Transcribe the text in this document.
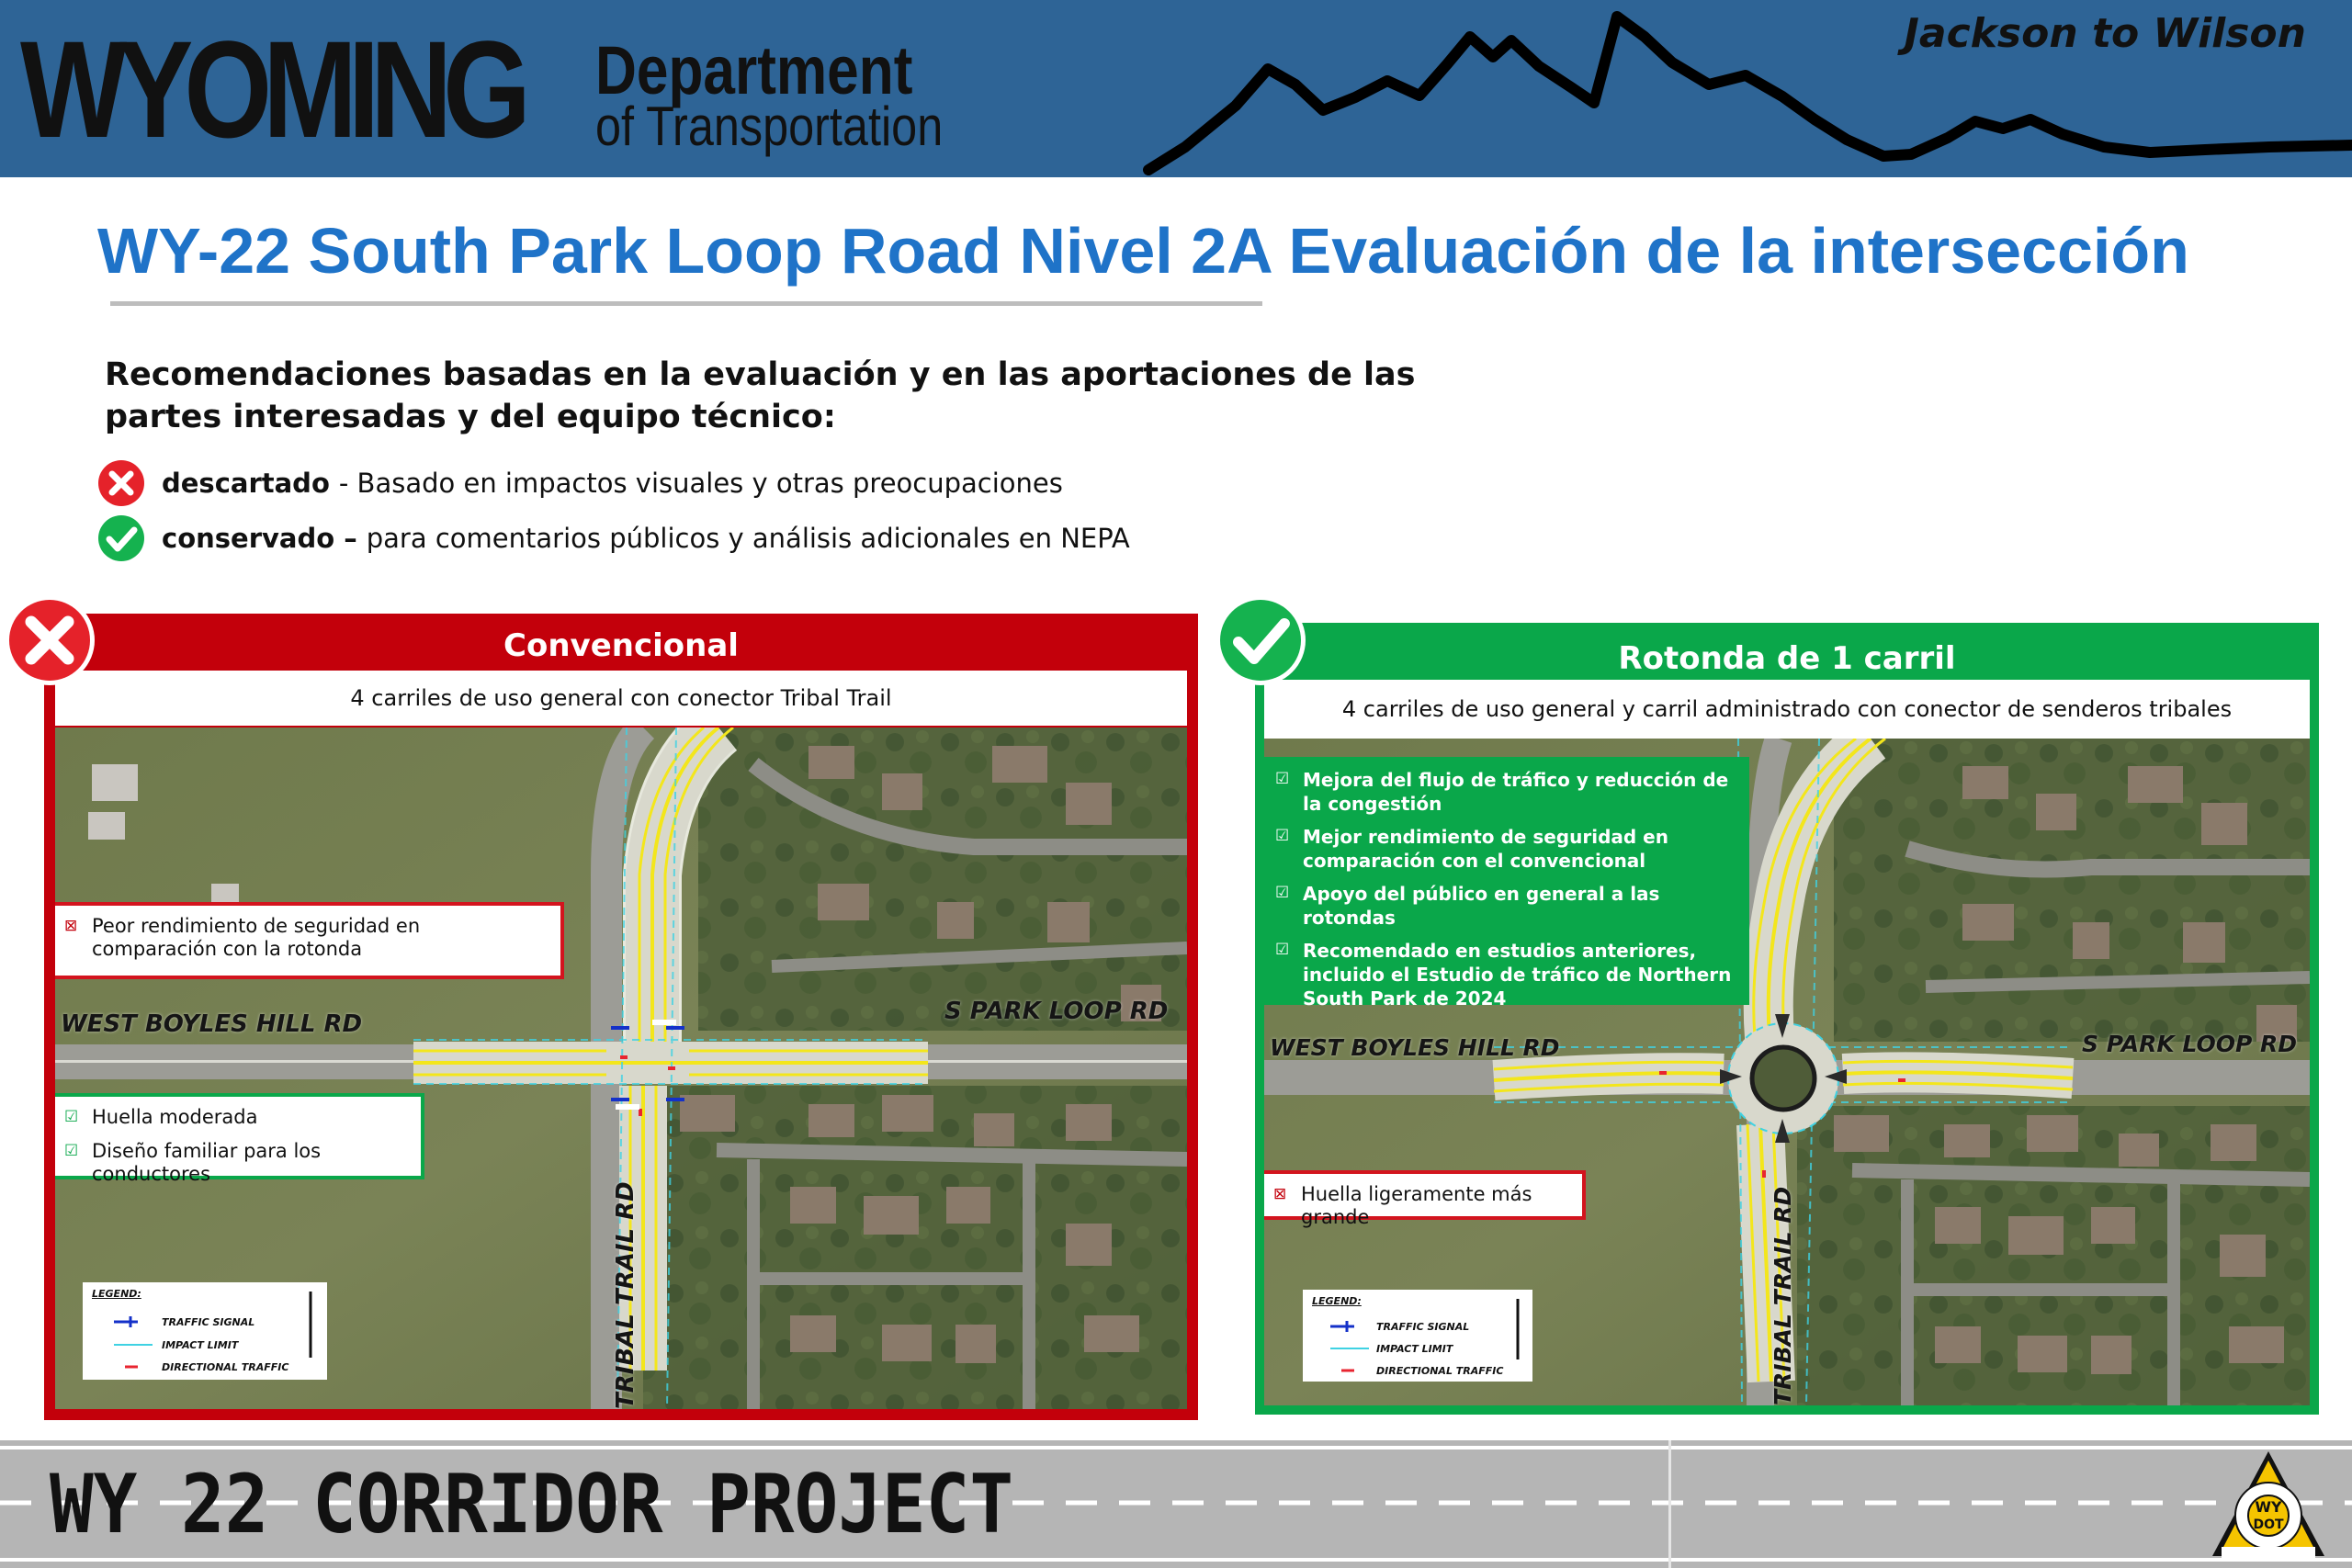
WYOMING Department
of Transportation
Jackson to Wilson
WY-22 South Park Loop Road Nivel 2A Evaluación de la intersección
Recomendaciones basadas en la evaluación y en las aportaciones de las partes interesadas y del equipo técnico:
descartado - Basado en impactos visuales y otras preocupaciones
conservado – para comentarios públicos y análisis adicionales en NEPA
Convencional
4 carriles de uso general con conector Tribal Trail
⊠ Peor rendimiento de seguridad en comparación con la rotonda
☑ Huella moderada
☑ Diseño familiar para los conductores
WEST BOYLES HILL RD	S PARK LOOP RD
TRIBAL TRAIL RD
LEGEND:
TRAFFIC SIGNAL
IMPACT LIMIT
DIRECTIONAL TRAFFIC
Rotonda de 1 carril
4 carriles de uso general y carril administrado con conector de senderos tribales
☑ Mejora del flujo de tráfico y reducción de la congestión
☑ Mejor rendimiento de seguridad en comparación con el convencional
☑ Apoyo del público en general a las rotondas
☑ Recomendado en estudios anteriores, incluido el Estudio de tráfico de Northern South Park de 2024
⊠ Huella ligeramente más grande
WEST BOYLES HILL RD	S PARK LOOP RD
TRIBAL TRAIL RD
LEGEND:
TRAFFIC SIGNAL
IMPACT LIMIT
DIRECTIONAL TRAFFIC
WY 22 CORRIDOR PROJECT	WY
DOT
